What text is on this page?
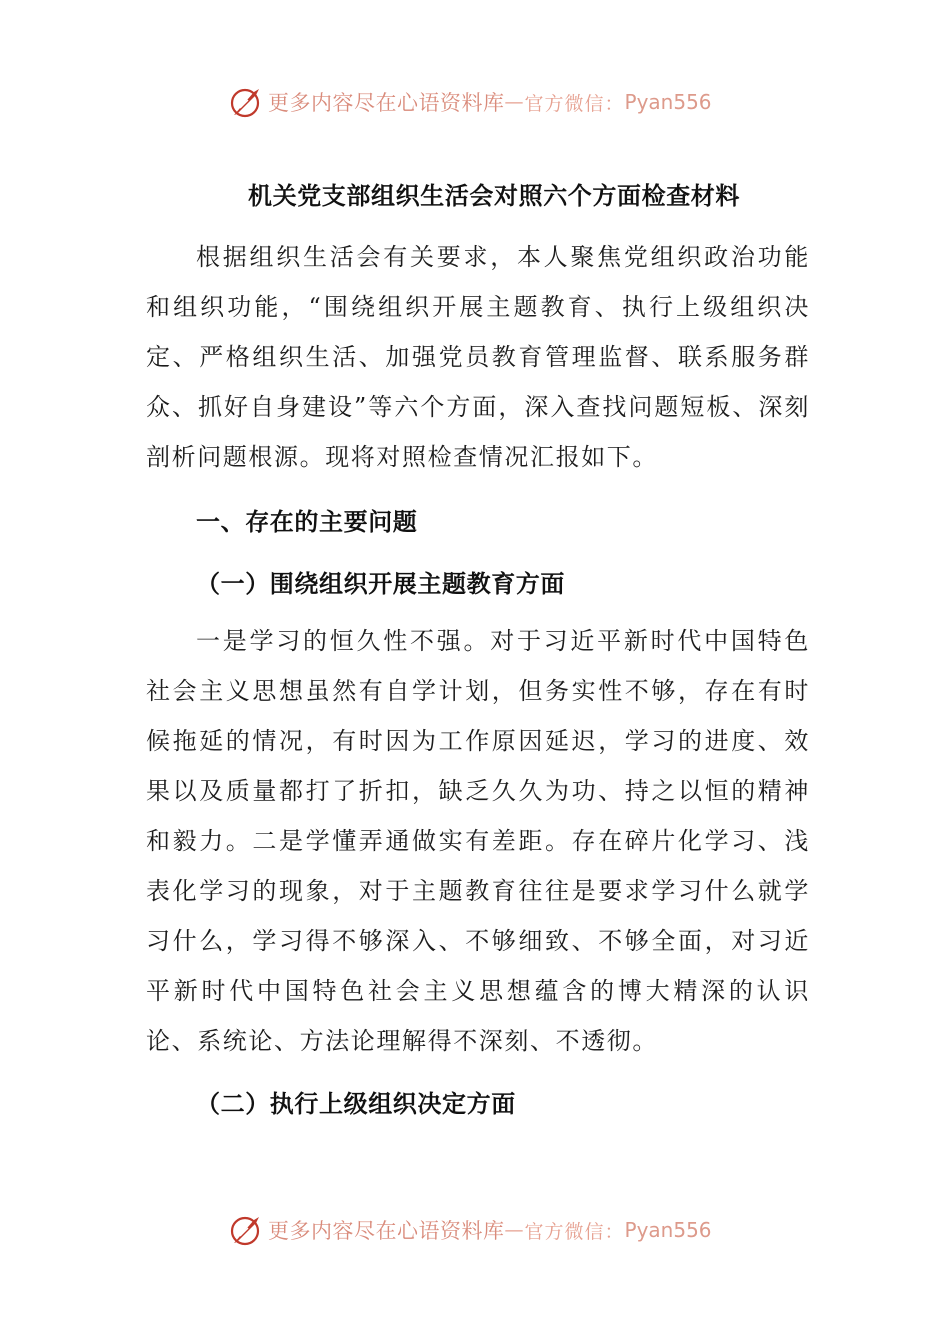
更多内容尽在心语资料库 — 官方微信： Pyan556
机关党支部组织生活会对照六个方面检查材料

根据组织生活会有关要求，本人聚焦党组织政治功能和组织功能，“围绕组织开展主题教育、执行上级组织决定、严格组织生活、加强党员教育管理监督、联系服务群众、抓好自身建设”等六个方面，深入查找问题短板、深刻剖析问题根源。现将对照检查情况汇报如下。

一、存在的主要问题
（一）围绕组织开展主题教育方面

一是学习的恒久性不强。对于习近平新时代中国特色社会主义思想虽然有自学计划，但务实性不够，存在有时候拖延的情况，有时因为工作原因延迟，学习的进度、效果以及质量都打了折扣，缺乏久久为功、持之以恒的精神和毅力。二是学懂弄通做实有差距。存在碎片化学习、浅表化学习的现象，对于主题教育往往是要求学习什么就学习什么，学习得不够深入、不够细致、不够全面，对习近平新时代中国特色社会主义思想蕴含的博大精深的认识论、系统论、方法论理解得不深刻、不透彻。

（二）执行上级组织决定方面
更多内容尽在心语资料库 — 官方微信： Pyan556
